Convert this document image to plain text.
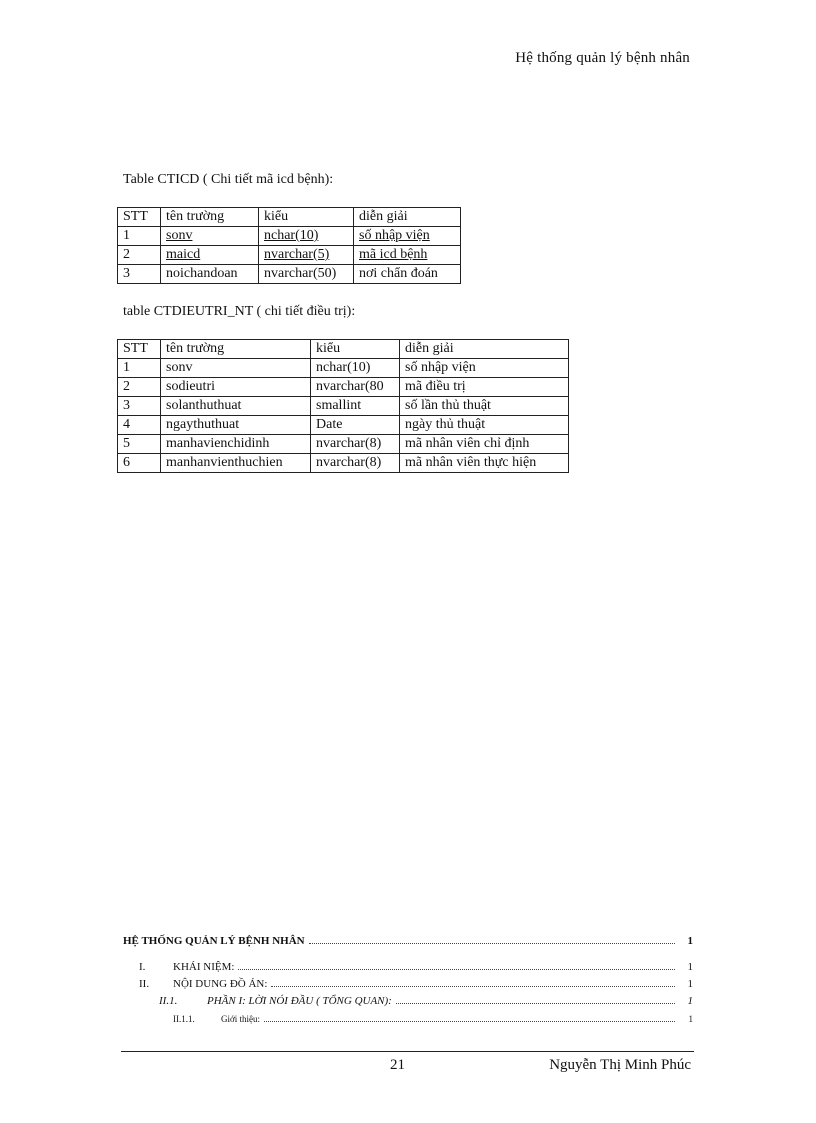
Hệ thống quản lý bệnh nhân
Table CTICD ( Chi tiết mã icd bệnh):
STT	tên trường	kiểu	diễn giải
1	sonv	nchar(10)	số nhập viện
2	maicd	nvarchar(5)	mã icd bệnh
3	noichandoan	nvarchar(50)	nơi chẩn đoán
table CTDIEUTRI_NT ( chi tiết điều trị):
STT	tên trường	kiểu	diễn giải
1	sonv	nchar(10)	số nhập viện
2	sodieutri	nvarchar(80	mã điều trị
3	solanthuthuat	smallint	số lần thủ thuật
4	ngaythuthuat	Date	ngày thủ thuật
5	manhavienchidinh	nvarchar(8)	mã nhân viên chỉ định
6	manhanvienthuchien	nvarchar(8)	mã nhân viên thực hiện
HỆ THỐNG QUẢN LÝ BỆNH NHÂN	1
I.	KHÁI NIỆM:	1
II.	NỘI DUNG ĐỒ ÁN:	1
II.1.	PHẦN I: LỜI NÓI ĐẦU ( TỔNG QUAN):	1
II.1.1.	Giới thiệu:	1
21	Nguyễn Thị Minh Phúc
